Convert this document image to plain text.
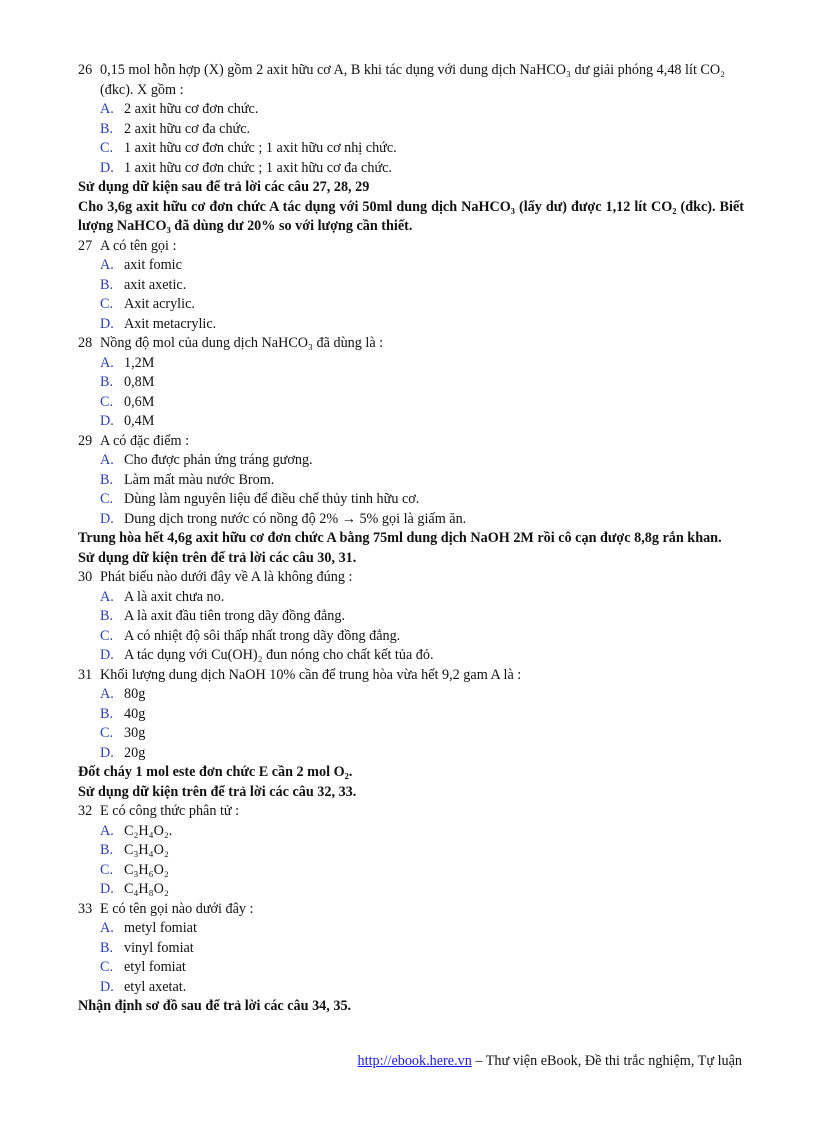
26 0,15 mol hỗn hợp (X) gồm 2 axit hữu cơ A, B khi tác dụng với dung dịch NaHCO₃ dư giải phóng 4,48 lít CO₂ (đkc). X gồm :
A. 2 axit hữu cơ đơn chức.
B. 2 axit hữu cơ đa chức.
C. 1 axit hữu cơ đơn chức ; 1 axit hữu cơ nhị chức.
D. 1 axit hữu cơ đơn chức ; 1 axit hữu cơ đa chức.
Sử dụng dữ kiện sau để trả lời các câu 27, 28, 29
Cho 3,6g axit hữu cơ đơn chức A tác dụng với 50ml dung dịch NaHCO₃ (lấy dư) được 1,12 lít CO₂ (đkc). Biết lượng NaHCO₃ đã dùng dư 20% so với lượng cần thiết.
27 A có tên gọi :
A. axit fomic
B. axit axetic.
C. Axit acrylic.
D. Axit metacrylic.
28 Nồng độ mol của dung dịch NaHCO₃ đã dùng là :
A. 1,2M
B. 0,8M
C. 0,6M
D. 0,4M
29 A có đặc điểm :
A. Cho được phản ứng tráng gương.
B. Làm mất màu nước Brom.
C. Dùng làm nguyên liệu để điều chế thủy tinh hữu cơ.
D. Dung dịch trong nước có nồng độ 2% → 5% gọi là giấm ăn.
Trung hòa hết 4,6g axit hữu cơ đơn chức A bằng 75ml dung dịch NaOH 2M rồi cô cạn được 8,8g rắn khan.
Sử dụng dữ kiện trên để trả lời các câu 30, 31.
30 Phát biểu nào dưới đây về A là không đúng :
A. A là axit chưa no.
B. A là axit đầu tiên trong dãy đồng đẳng.
C. A có nhiệt độ sôi thấp nhất trong dãy đồng đẳng.
D. A tác dụng với Cu(OH)₂ đun nóng cho chất kết tủa đỏ.
31 Khối lượng dung dịch NaOH 10% cần để trung hòa vừa hết 9,2 gam A là :
A. 80g
B. 40g
C. 30g
D. 20g
Đốt cháy 1 mol este đơn chức E cần 2 mol O₂.
Sử dụng dữ kiện trên để trả lời các câu 32, 33.
32 E có công thức phân tử :
A. C₂H₄O₂.
B. C₃H₄O₂
C. C₃H₆O₂
D. C₄H₈O₂
33 E có tên gọi nào dưới đây :
A. metyl fomiat
B. vinyl fomiat
C. etyl fomiat
D. etyl axetat.
Nhận định sơ đồ sau để trả lời các câu 34, 35.
http://ebook.here.vn – Thư viện eBook, Đề thi trắc nghiệm, Tự luận
